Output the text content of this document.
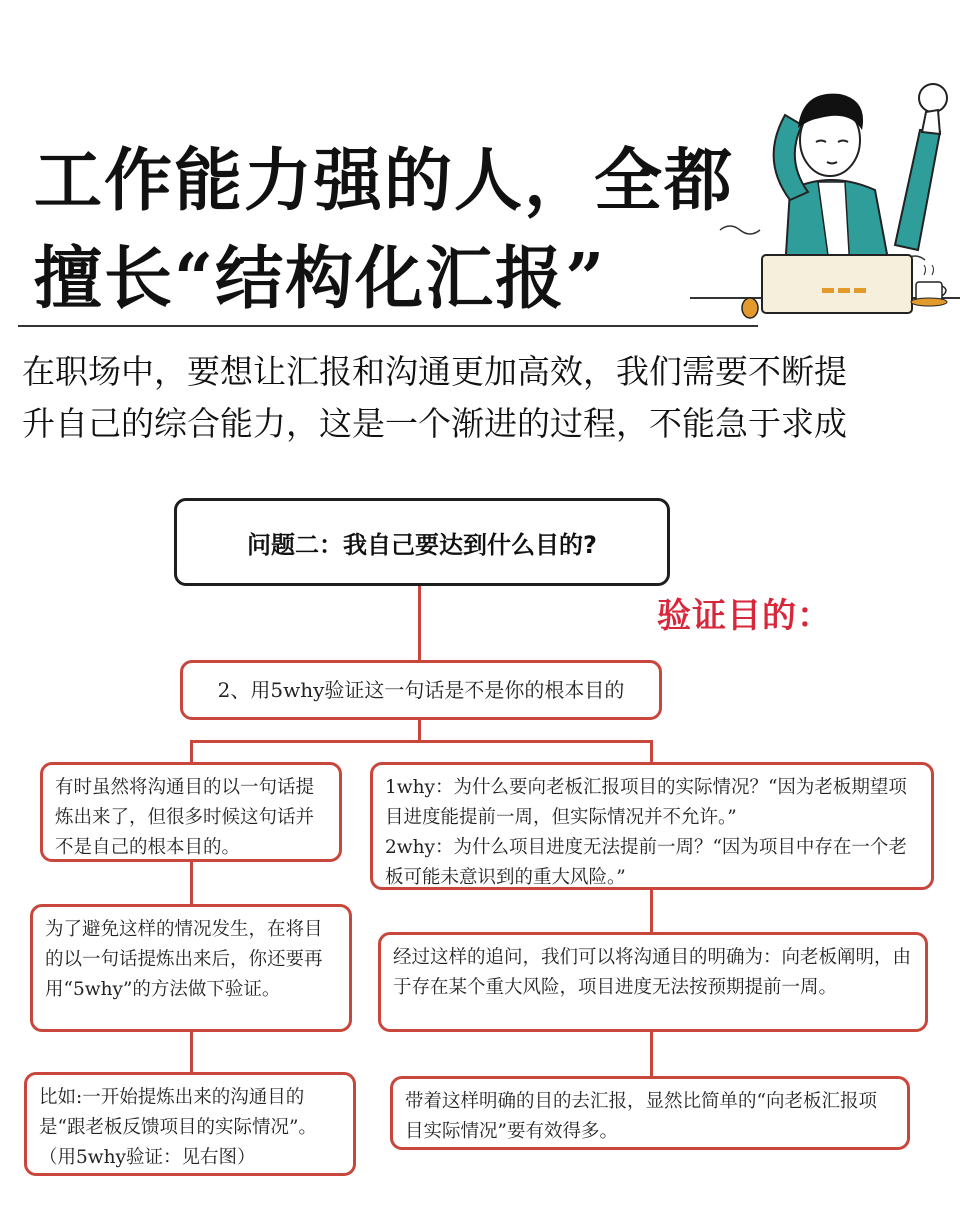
工作能力强的人，全都
擅长“结构化汇报”
在职场中，要想让汇报和沟通更加高效，我们需要不断提
升自己的综合能力，这是一个渐进的过程，不能急于求成
问题二：我自己要达到什么目的?
验证目的：
2、用5why验证这一句话是不是你的根本目的
有时虽然将沟通目的以一句话提炼出来了，但很多时候这句话并不是自己的根本目的。
为了避免这样的情况发生，在将目的以一句话提炼出来后，你还要再用“5why”的方法做下验证。
比如:一开始提炼出来的沟通目的是“跟老板反馈项目的实际情况”。（用5why验证：见右图）
1why：为什么要向老板汇报项目的实际情况？“因为老板期望项目进度能提前一周，但实际情况并不允许。”
2why：为什么项目进度无法提前一周？“因为项目中存在一个老板可能未意识到的重大风险。”
经过这样的追问，我们可以将沟通目的明确为：向老板阐明，由于存在某个重大风险，项目进度无法按预期提前一周。
带着这样明确的目的去汇报，显然比简单的“向老板汇报项目实际情况”要有效得多。
